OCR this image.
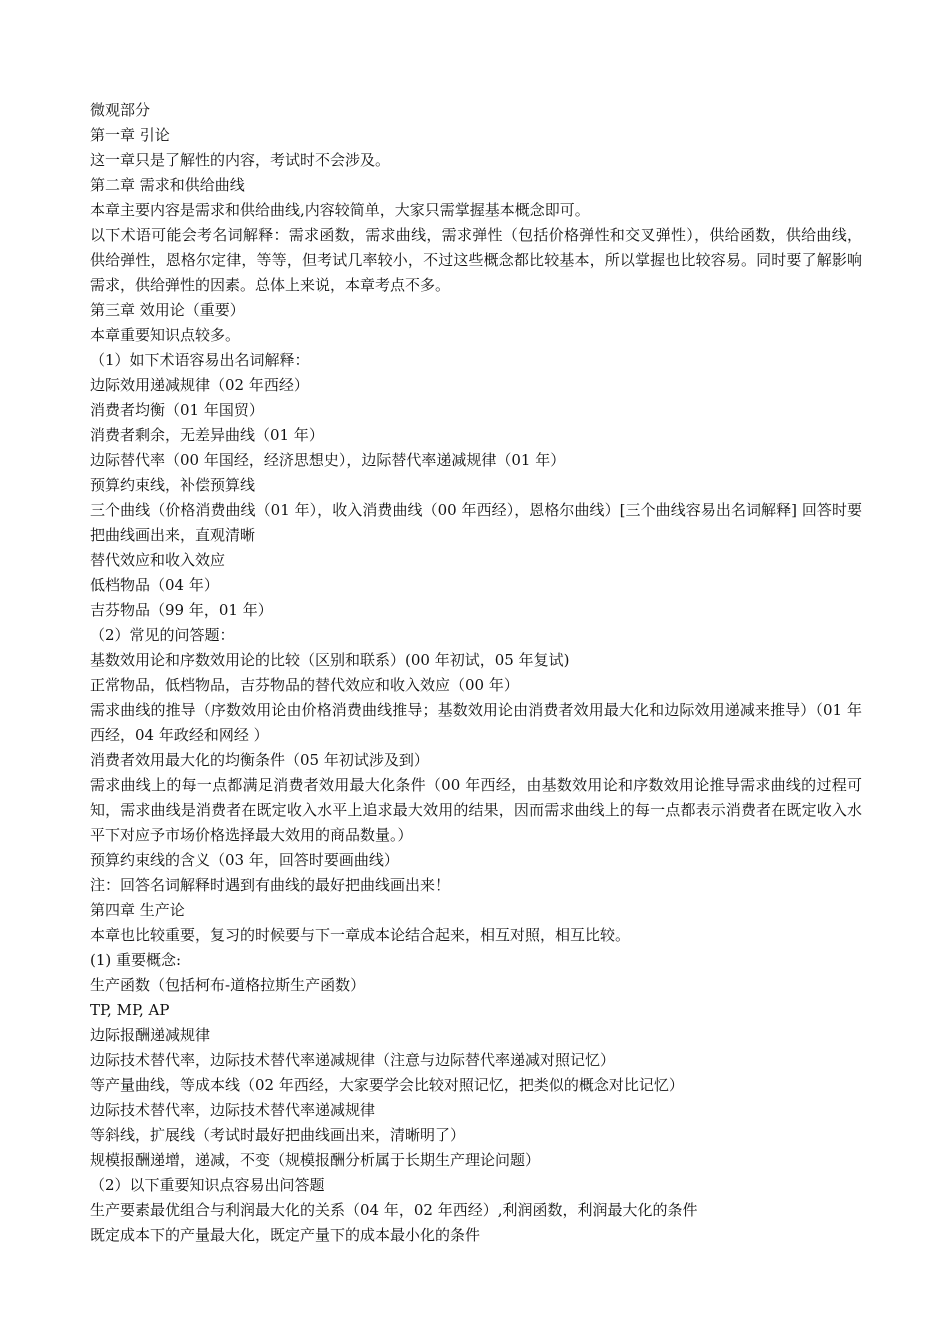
微观部分
第一章 引论
这一章只是了解性的内容，考试时不会涉及。
第二章 需求和供给曲线
本章主要内容是需求和供给曲线,内容较简单，大家只需掌握基本概念即可。
以下术语可能会考名词解释：需求函数，需求曲线，需求弹性（包括价格弹性和交叉弹性），供给函数，供给曲线，供给弹性，恩格尔定律，等等，但考试几率较小，不过这些概念都比较基本，所以掌握也比较容易。同时要了解影响需求，供给弹性的因素。总体上来说，本章考点不多。
第三章 效用论（重要）
本章重要知识点较多。
（1）如下术语容易出名词解释：
边际效用递减规律（02 年西经）
消费者均衡（01 年国贸）
消费者剩余，无差异曲线（01 年）
边际替代率（00 年国经，经济思想史），边际替代率递减规律（01 年）
预算约束线，补偿预算线
三个曲线（价格消费曲线（01 年），收入消费曲线（00 年西经），恩格尔曲线）[三个曲线容易出名词解释] 回答时要把曲线画出来，直观清晰
替代效应和收入效应
低档物品（04 年）
吉芬物品（99 年，01 年）
（2）常见的问答题：
基数效用论和序数效用论的比较（区别和联系）(00 年初试，05 年复试)
正常物品，低档物品，吉芬物品的替代效应和收入效应（00 年）
需求曲线的推导（序数效用论由价格消费曲线推导；基数效用论由消费者效用最大化和边际效用递减来推导）（01 年西经，04 年政经和网经 ）
消费者效用最大化的均衡条件（05 年初试涉及到）
需求曲线上的每一点都满足消费者效用最大化条件（00 年西经，由基数效用论和序数效用论推导需求曲线的过程可知，需求曲线是消费者在既定收入水平上追求最大效用的结果，因而需求曲线上的每一点都表示消费者在既定收入水平下对应予市场价格选择最大效用的商品数量。）
预算约束线的含义（03 年，回答时要画曲线）
注：回答名词解释时遇到有曲线的最好把曲线画出来！
第四章 生产论
本章也比较重要，复习的时候要与下一章成本论结合起来，相互对照，相互比较。
(1) 重要概念:
生产函数（包括柯布-道格拉斯生产函数）
TP, MP, AP
边际报酬递减规律
边际技术替代率，边际技术替代率递减规律（注意与边际替代率递减对照记忆）
等产量曲线，等成本线（02 年西经，大家要学会比较对照记忆，把类似的概念对比记忆）
边际技术替代率，边际技术替代率递减规律
等斜线，扩展线（考试时最好把曲线画出来，清晰明了）
规模报酬递增，递减，不变（规模报酬分析属于长期生产理论问题）
（2）以下重要知识点容易出问答题
生产要素最优组合与利润最大化的关系（04 年，02 年西经）,利润函数，利润最大化的条件
既定成本下的产量最大化，既定产量下的成本最小化的条件
